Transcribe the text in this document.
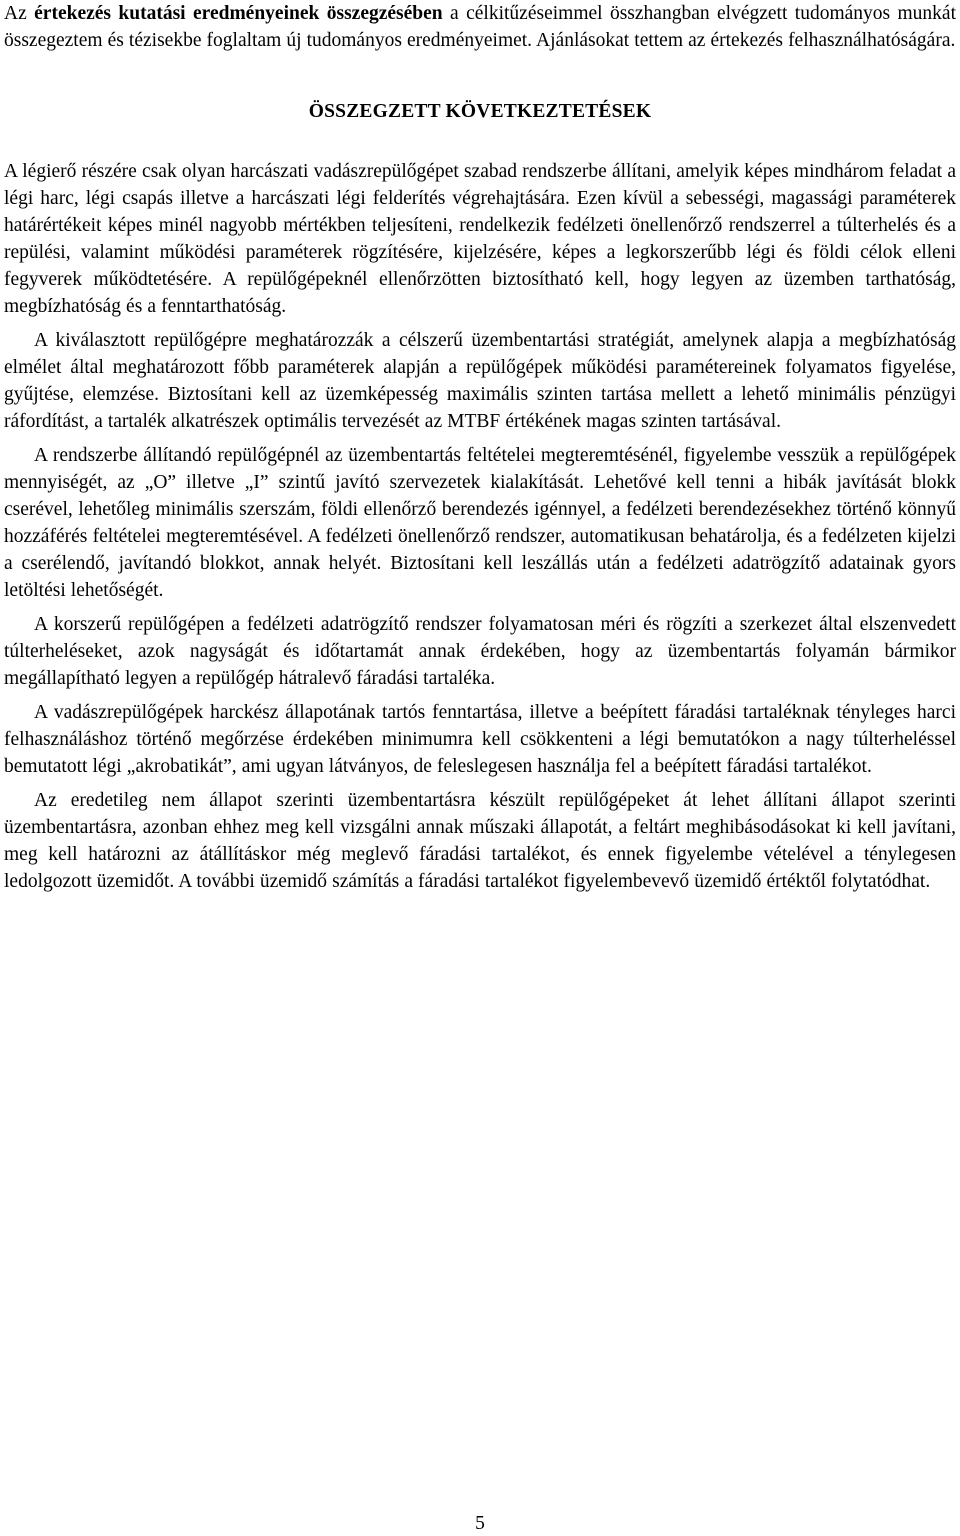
Az értekezés kutatási eredményeinek összegzésében a célkitűzéseimmel összhangban elvégzett tudományos munkát összegeztem és tézisekbe foglaltam új tudományos eredményeimet. Ajánlásokat tettem az értekezés felhasználhatóságára.

ÖSSZEGZETT KÖVETKEZTETÉSEK

A légierő részére csak olyan harcászati vadászrepülőgépet szabad rendszerbe állítani, amelyik képes mindhárom feladat a légi harc, légi csapás illetve a harcászati légi felderítés végrehajtására. Ezen kívül a sebességi, magassági paraméterek határértékeit képes minél nagyobb mértékben teljesíteni, rendelkezik fedélzeti önellenőrző rendszerrel a túlterhelés és a repülési, valamint működési paraméterek rögzítésére, kijelzésére, képes a legkorszerűbb légi és földi célok elleni fegyverek működtetésére. A repülőgépeknél ellenőrzötten biztosítható kell, hogy legyen az üzemben tarthatóság, megbízhatóság és a fenntarthatóság.

A kiválasztott repülőgépre meghatározzák a célszerű üzembentartási stratégiát, amelynek alapja a megbízhatóság elmélet által meghatározott főbb paraméterek alapján a repülőgépek működési paramétereinek folyamatos figyelése, gyűjtése, elemzése. Biztosítani kell az üzemképesség maximális szinten tartása mellett a lehető minimális pénzügyi ráfordítást, a tartalék alkatrészek optimális tervezését az MTBF értékének magas szinten tartásával.

A rendszerbe állítandó repülőgépnél az üzembentartás feltételei megteremtésénél, figyelembe vesszük a repülőgépek mennyiségét, az „O” illetve „I” szintű javító szervezetek kialakítását. Lehetővé kell tenni a hibák javítását blokk cserével, lehetőleg minimális szerszám, földi ellenőrző berendezés igénnyel, a fedélzeti berendezésekhez történő könnyű hozzáférés feltételei megteremtésével. A fedélzeti önellenőrző rendszer, automatikusan behatárolja, és a fedélzeten kijelzi a cserélendő, javítandó blokkot, annak helyét. Biztosítani kell leszállás után a fedélzeti adatrögzítő adatainak gyors letöltési lehetőségét.

A korszerű repülőgépen a fedélzeti adatrögzítő rendszer folyamatosan méri és rögzíti a szerkezet által elszenvedett túlterheléseket, azok nagyságát és időtartamát annak érdekében, hogy az üzembentartás folyamán bármikor megállapítható legyen a repülőgép hátralevő fáradási tartaléka.

A vadászrepülőgépek harckész állapotának tartós fenntartása, illetve a beépített fáradási tartaléknak tényleges harci felhasználáshoz történő megőrzése érdekében minimumra kell csökkenteni a légi bemutatókon a nagy túlterheléssel bemutatott légi „akrobatikát”, ami ugyan látványos, de feleslegesen használja fel a beépített fáradási tartalékot.

Az eredetileg nem állapot szerinti üzembentartásra készült repülőgépeket át lehet állítani állapot szerinti üzembentartásra, azonban ehhez meg kell vizsgálni annak műszaki állapotát, a feltárt meghibásodásokat ki kell javítani, meg kell határozni az átállításkor még meglevő fáradási tartalékot, és ennek figyelembe vételével a ténylegesen ledolgozott üzemidőt. A további üzemidő számítás a fáradási tartalékot figyelembevevő üzemidő értéktől folytatódhat.

5
